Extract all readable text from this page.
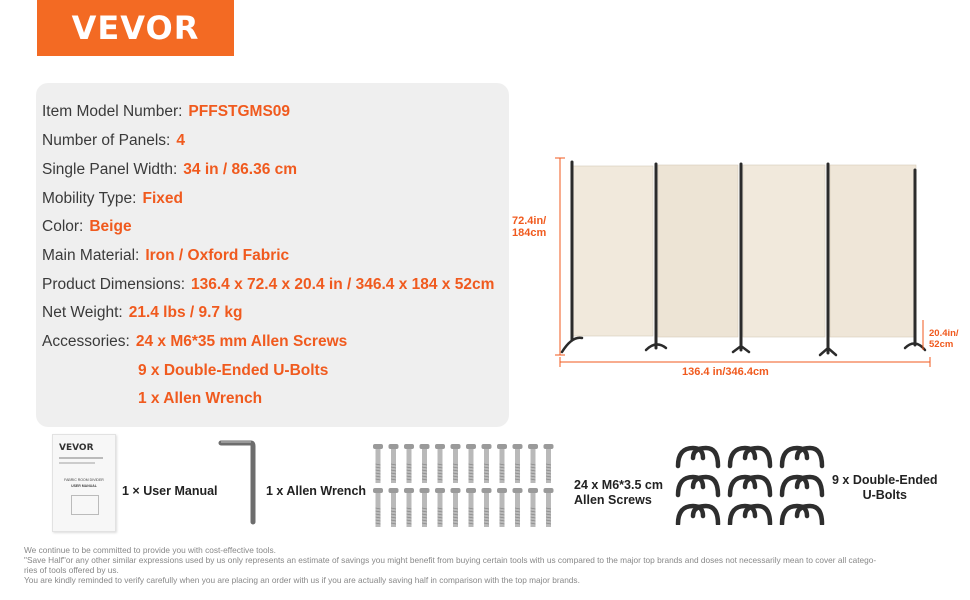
VEVOR
Item Model Number: PFFSTGMS09
Number of Panels: 4
Single Panel Width: 34 in / 86.36 cm
Mobility Type: Fixed
Color: Beige
Main Material: Iron / Oxford Fabric
Product Dimensions: 136.4 x 72.4 x 20.4 in / 346.4 x 184 x 52cm
Net Weight: 21.4 lbs / 9.7 kg
Accessories: 24 x M6*35 mm Allen Screws
9 x Double-Ended U-Bolts
1 x Allen Wrench
72.4in/
184cm
136.4 in/346.4cm
20.4in/
52cm
VEVOR
FABRIC ROOM DIVIDER
USER MANUAL	1 × User Manual	1 x Allen Wrench	24 x M6*3.5 cm
Allen Screws
9 x Double-Ended
U-Bolts
We continue to be committed to provide you with cost-effective tools.
"Save Half"or any other similar expressions used by us only represents an estimate of savings you might benefit from buying certain tools with us compared to the major top brands and doses not necessarily mean to cover all catego-
ries of tools offered by us.
You are kindly reminded to verify carefully when you are placing an order with us if you are actually saving half in comparison with the top major brands.
